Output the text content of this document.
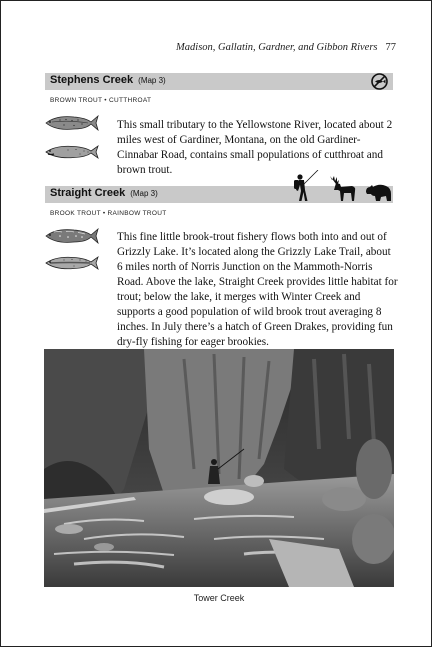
Madison, Gallatin, Gardner, and Gibbon Rivers 77
Stephens Creek (Map 3)
BROWN TROUT • CUTTHROAT
This small tributary to the Yellowstone River, located about 2 miles west of Gardiner, Montana, on the old Gardiner-Cinnabar Road, contains small populations of cutthroat and brown trout.
Straight Creek (Map 3)
BROOK TROUT • RAINBOW TROUT
This fine little brook-trout fishery flows both into and out of Grizzly Lake. It’s located along the Grizzly Lake Trail, about 6 miles north of Norris Junction on the Mammoth-Norris Road. Above the lake, Straight Creek provides little habitat for trout; below the lake, it merges with Winter Creek and supports a good population of wild brook trout averaging 8 inches. In July there’s a hatch of Green Drakes, providing fun dry-fly fishing for eager brookies.
Tower Creek
